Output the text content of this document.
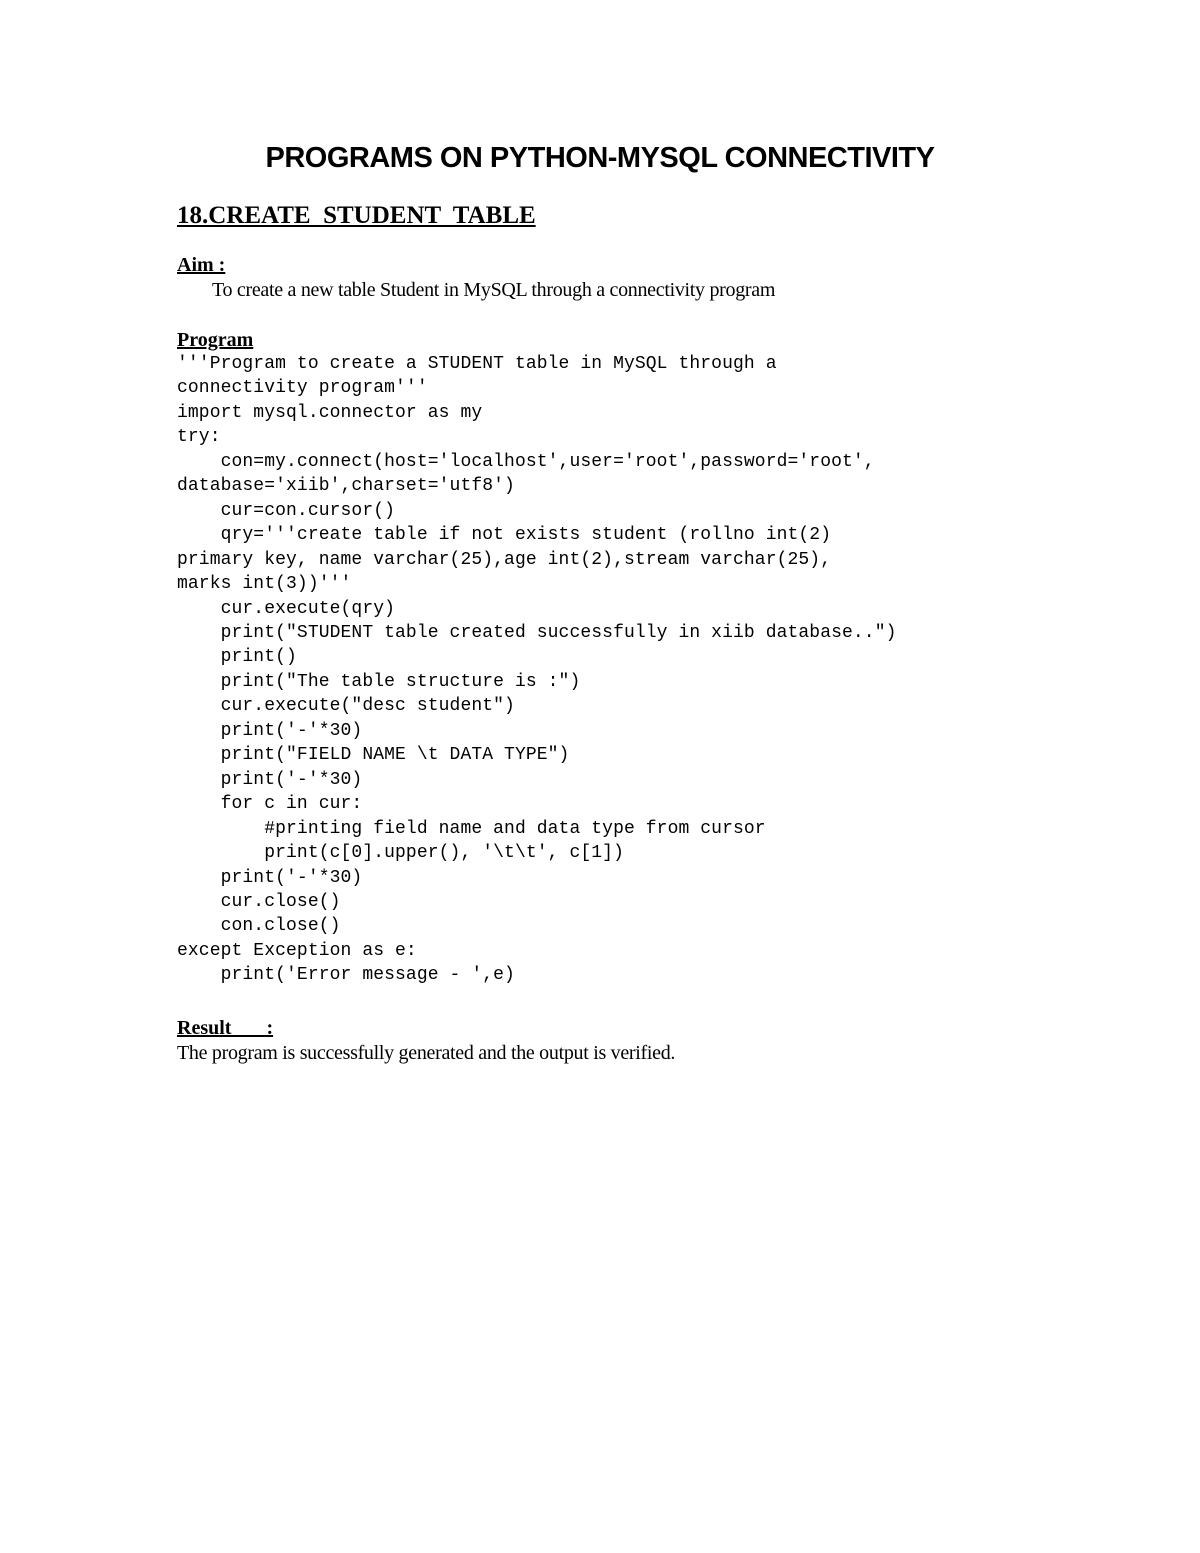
PROGRAMS ON PYTHON-MYSQL CONNECTIVITY
18.CREATE  STUDENT  TABLE
Aim :
To create a new table Student in MySQL through a connectivity program
Program
'''Program to create a STUDENT table in MySQL through a
connectivity program'''
import mysql.connector as my
try:
con=my.connect(host='localhost',user='root',password='root',
database='xiib',charset='utf8')
cur=con.cursor()
qry='''create table if not exists student (rollno int(2)
primary key, name varchar(25),age int(2),stream varchar(25),
marks int(3))'''
cur.execute(qry)
print("STUDENT table created successfully in xiib database..")
print()
print("The table structure is :")
cur.execute("desc student")
print('-'*30)
print("FIELD NAME \t DATA TYPE")
print('-'*30)
for c in cur:
#printing field name and data type from cursor
print(c[0].upper(), '\t\t', c[1])
print('-'*30)
cur.close()
con.close()
except Exception as e:
print('Error message - ',e)
Result       :
The program is successfully generated and the output is verified.
